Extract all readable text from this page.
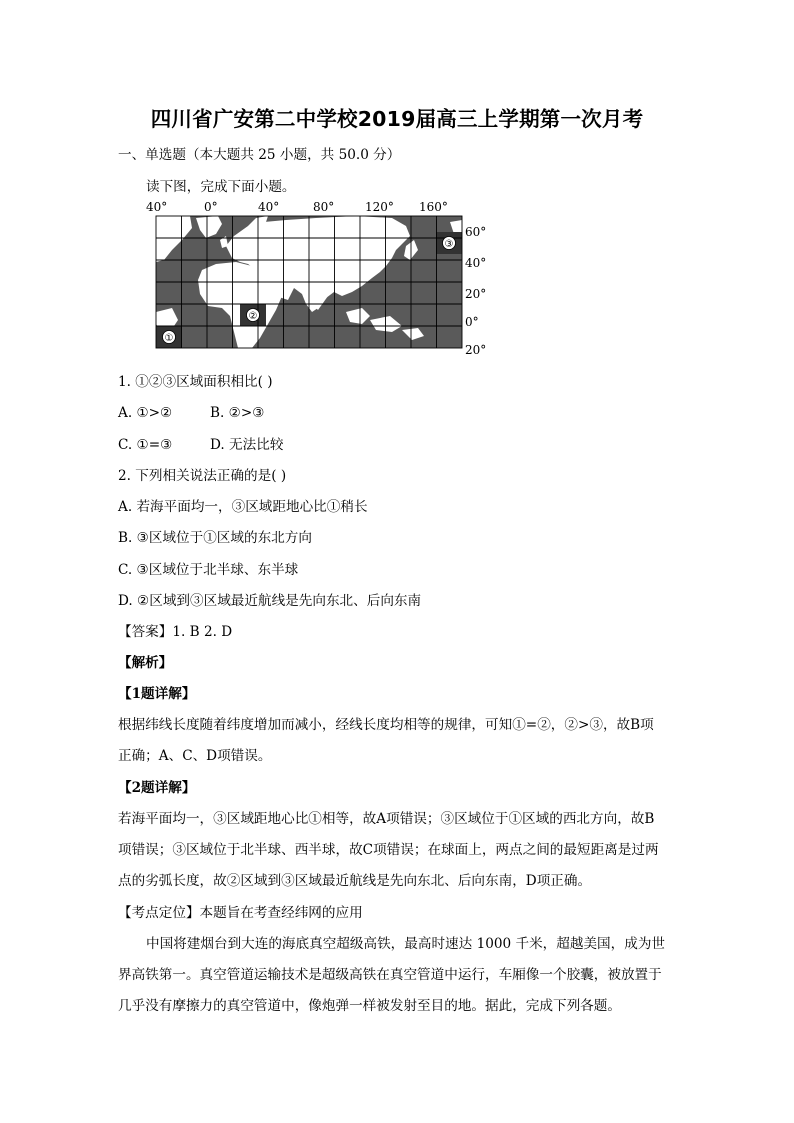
四川省广安第二中学校2019届高三上学期第一次月考
一、单选题（本大题共 25 小题，共 50.0 分）
读下图，完成下面小题。
40°	0°	40°	80°	120° 160°
①
②
③
60°
40°
20°
0°
20°
1. ①②③区域面积相比( )
A. ①>②	B. ②>③
C. ①=③	D. 无法比较
2. 下列相关说法正确的是( )
A. 若海平面均一，③区域距地心比①稍长
B. ③区域位于①区域的东北方向
C. ③区域位于北半球、东半球
D. ②区域到③区域最近航线是先向东北、后向东南
【答案】1. B 2. D
【解析】
【1题详解】
根据纬线长度随着纬度增加而减小，经线长度均相等的规律，可知①=②，②>③，故B项
正确；A、C、D项错误。
【2题详解】
若海平面均一，③区域距地心比①相等，故A项错误；③区域位于①区域的西北方向，故B
项错误；③区域位于北半球、西半球，故C项错误；在球面上，两点之间的最短距离是过两
点的劣弧长度，故②区域到③区域最近航线是先向东北、后向东南，D项正确。
【考点定位】本题旨在考查经纬网的应用
中国将建烟台到大连的海底真空超级高铁，最高时速达 1000 千米，超越美国，成为世
界高铁第一。真空管道运输技术是超级高铁在真空管道中运行，车厢像一个胶囊，被放置于
几乎没有摩擦力的真空管道中，像炮弹一样被发射至目的地。据此，完成下列各题。
